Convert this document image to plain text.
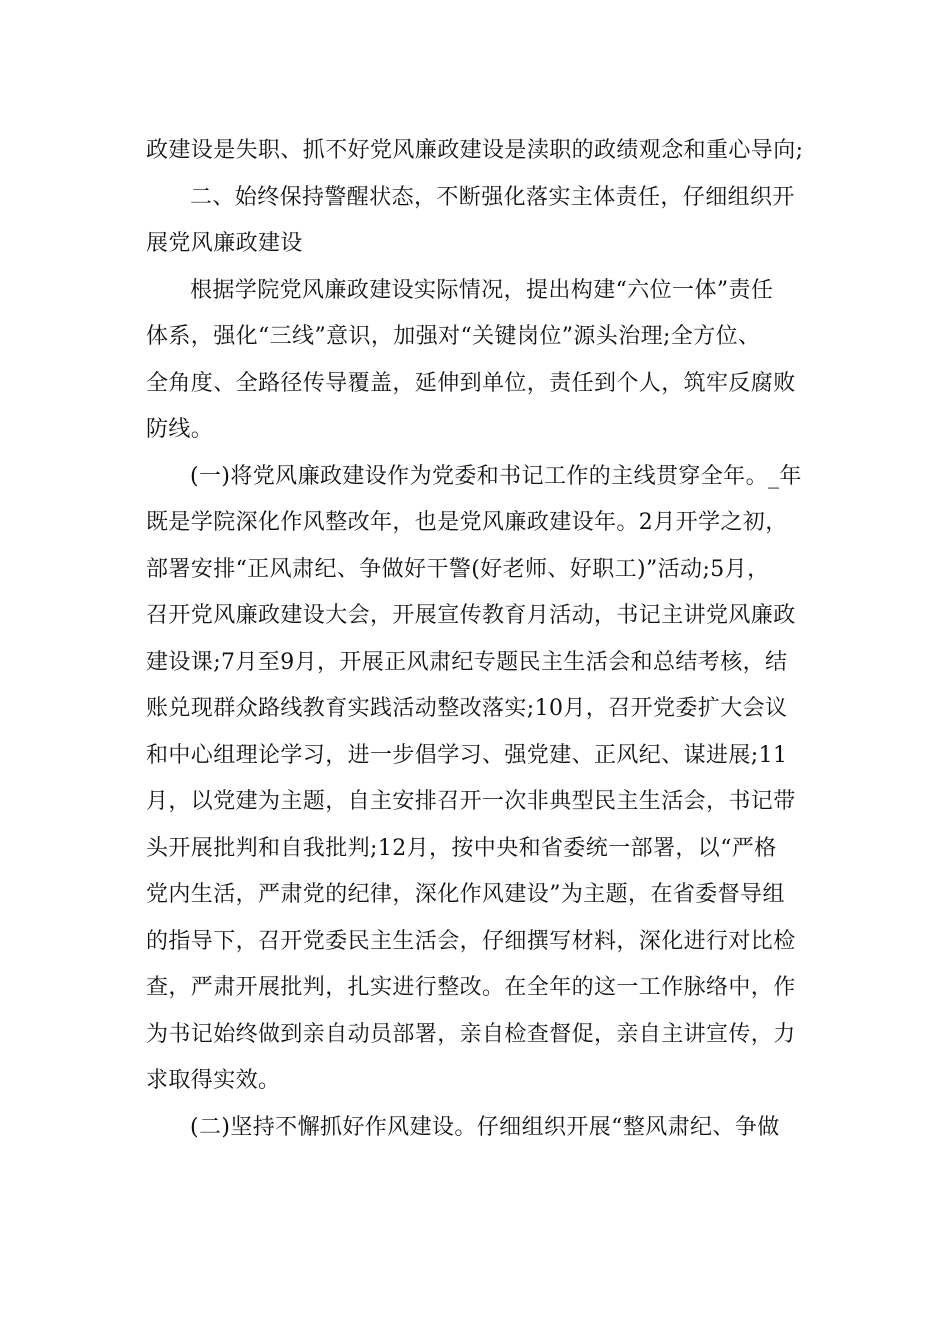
政建设是失职、抓不好党风廉政建设是渎职的政绩观念和重心导向;
二、始终保持警醒状态，不断强化落实主体责任，仔细组织开
展党风廉政建设
根据学院党风廉政建设实际情况，提出构建“六位一体”责任
体系，强化“三线”意识，加强对“关键岗位”源头治理;全方位、
全角度、全路径传导覆盖，延伸到单位，责任到个人，筑牢反腐败
防线。
(一)将党风廉政建设作为党委和书记工作的主线贯穿全年。_年
既是学院深化作风整改年，也是党风廉政建设年。2月开学之初，
部署安排“正风肃纪、争做好干警(好老师、好职工)”活动;5月，
召开党风廉政建设大会，开展宣传教育月活动，书记主讲党风廉政
建设课;7月至9月，开展正风肃纪专题民主生活会和总结考核，结
账兑现群众路线教育实践活动整改落实;10月，召开党委扩大会议
和中心组理论学习，进一步倡学习、强党建、正风纪、谋进展;11
月，以党建为主题，自主安排召开一次非典型民主生活会，书记带
头开展批判和自我批判;12月，按中央和省委统一部署，以“严格
党内生活，严肃党的纪律，深化作风建设”为主题，在省委督导组
的指导下，召开党委民主生活会，仔细撰写材料，深化进行对比检
查，严肃开展批判，扎实进行整改。在全年的这一工作脉络中，作
为书记始终做到亲自动员部署，亲自检查督促，亲自主讲宣传，力
求取得实效。
(二)坚持不懈抓好作风建设。仔细组织开展“整风肃纪、争做
